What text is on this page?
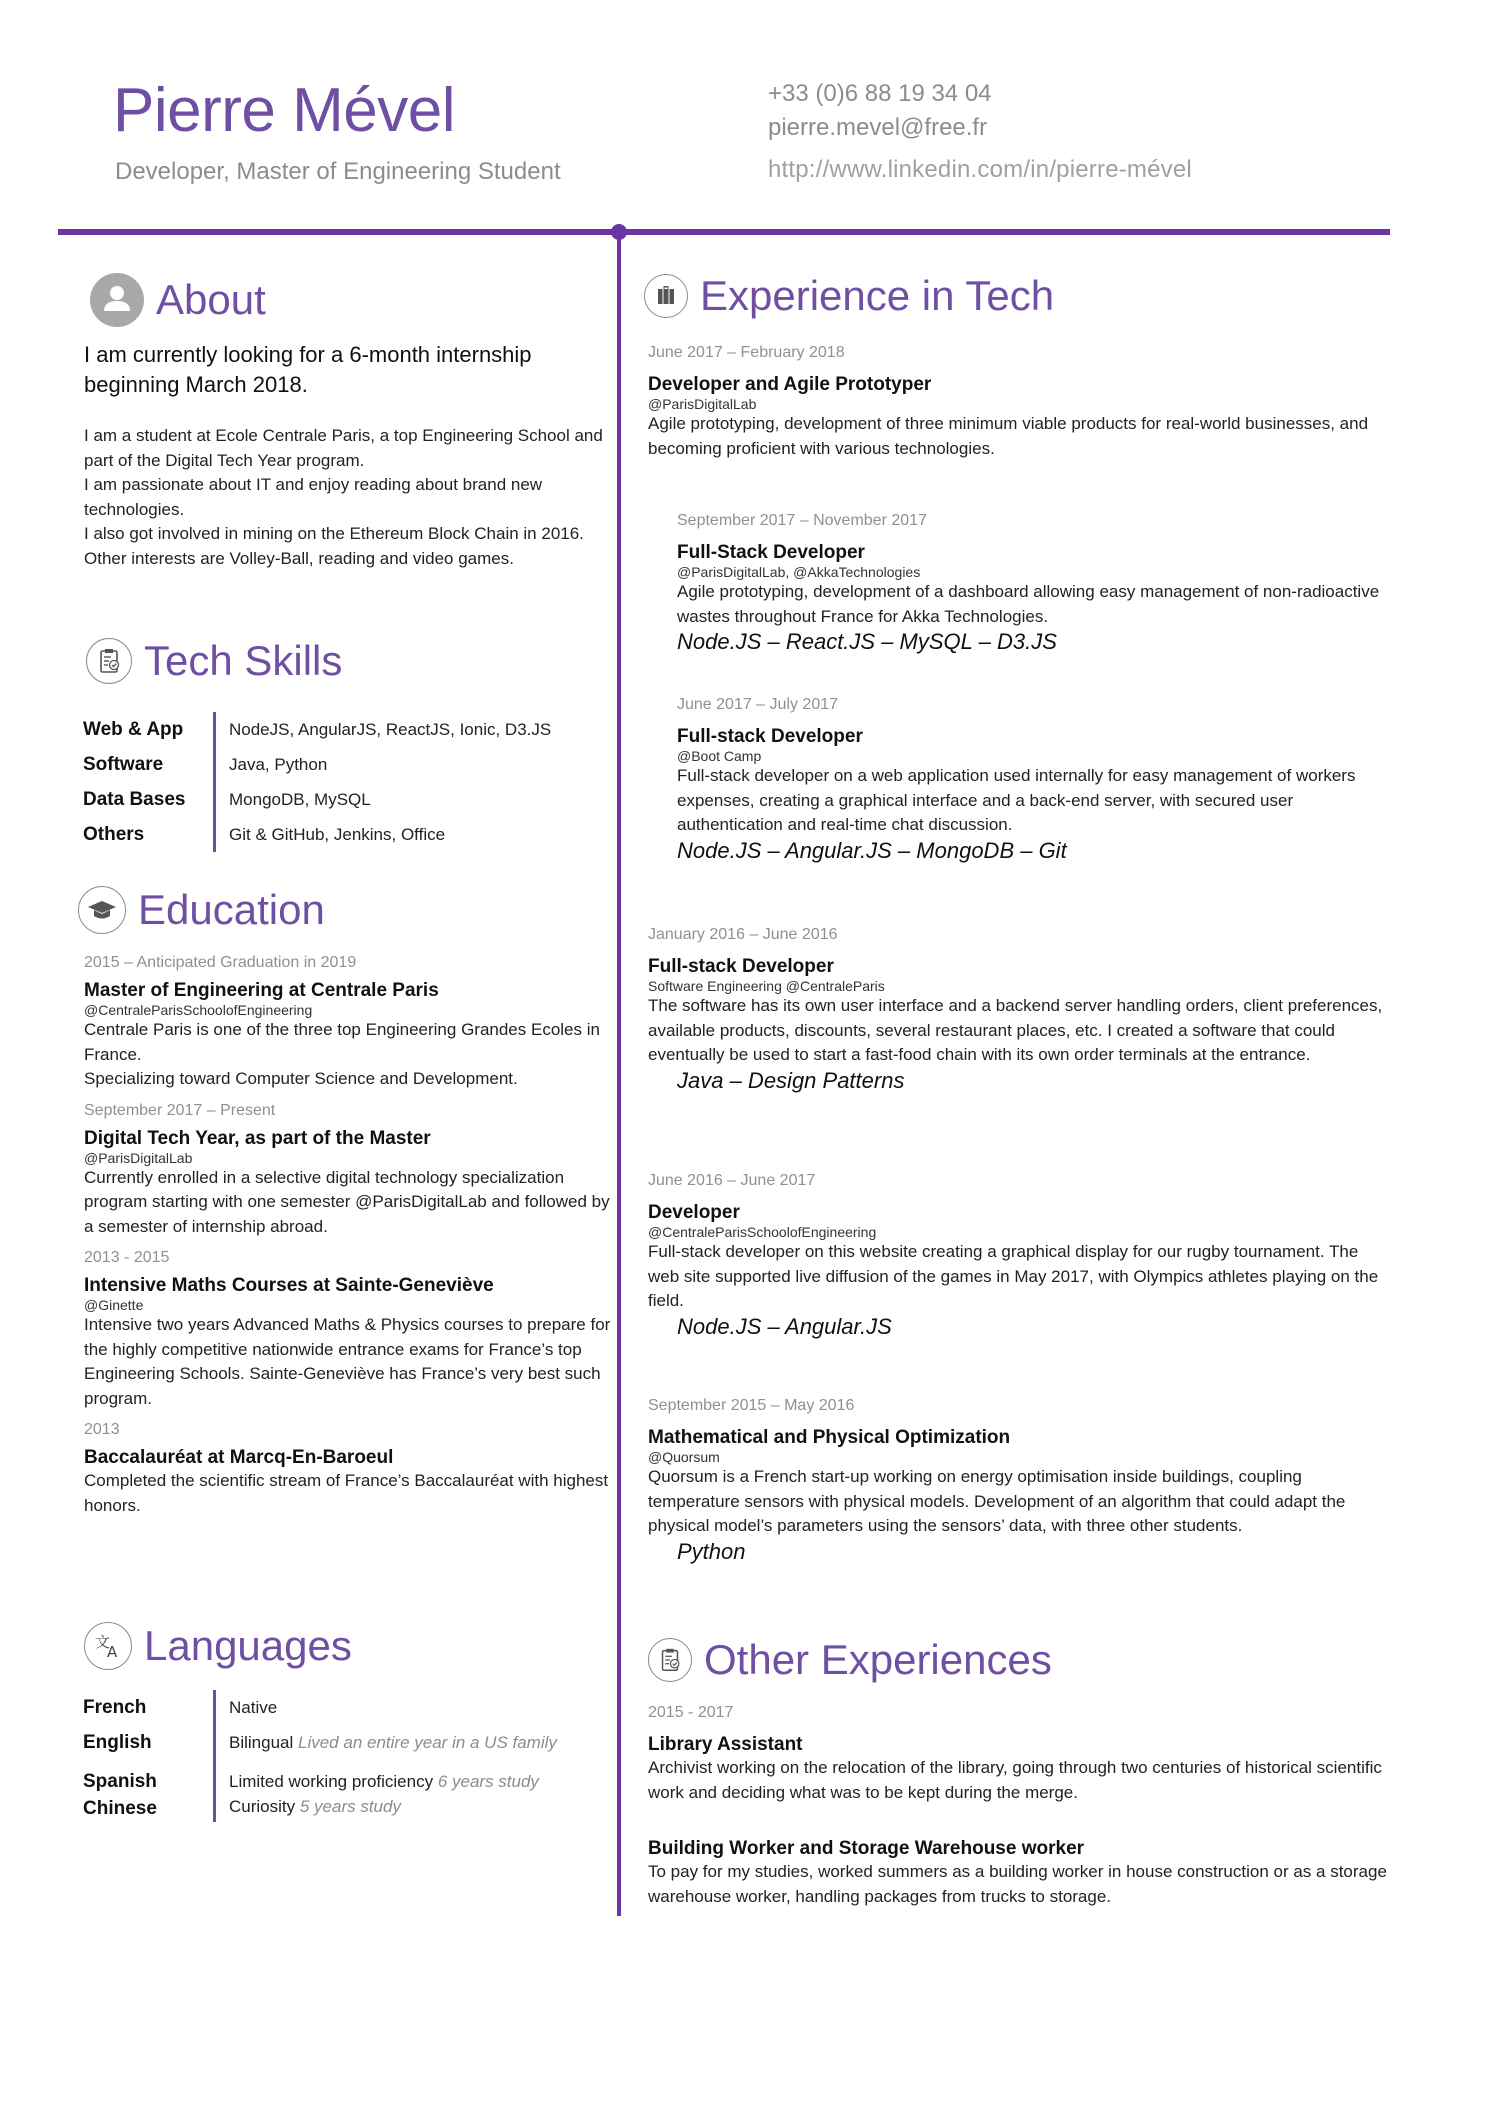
Pierre Mével
Developer, Master of Engineering Student
+33 (0)6 88 19 34 04
pierre.mevel@free.fr
http://www.linkedin.com/in/pierre-mével
About
I am currently looking for a 6-month internship beginning March 2018.
I am a student at Ecole Centrale Paris, a top Engineering School and part of the Digital Tech Year program.
I am passionate about IT and enjoy reading about brand new technologies.
I also got involved in mining on the Ethereum Block Chain in 2016.
Other interests are Volley-Ball, reading and video games.
Tech Skills
Web & App	NodeJS, AngularJS, ReactJS, Ionic, D3.JS
Software	Java, Python
Data Bases	MongoDB, MySQL
Others	Git & GitHub, Jenkins, Office
Education
2015 – Anticipated Graduation in 2019
Master of Engineering at Centrale Paris
@CentraleParisSchoolofEngineering
Centrale Paris is one of the three top Engineering Grandes Ecoles in France.
Specializing toward Computer Science and Development.
September 2017 – Present
Digital Tech Year, as part of the Master
@ParisDigitalLab
Currently enrolled in a selective digital technology specialization program starting with one semester @ParisDigitalLab and followed by a semester of internship abroad.
2013 - 2015
Intensive Maths Courses at Sainte-Geneviève
@Ginette
Intensive two years Advanced Maths & Physics courses to prepare for the highly competitive nationwide entrance exams for France’s top Engineering Schools. Sainte-Geneviève has France’s very best such program.
2013
Baccalauréat at Marcq-En-Baroeul
Completed the scientific stream of France’s Baccalauréat with highest honors.
文
A Languages
French	Native
English	Bilingual Lived an entire year in a US family
Spanish	Limited working proficiency 6 years study
Chinese	Curiosity 5 years study
Experience in Tech
June 2017 – February 2018
Developer and Agile Prototyper
@ParisDigitalLab
Agile prototyping, development of three minimum viable products for real-world businesses, and becoming proficient with various technologies.
September 2017 – November 2017
Full-Stack Developer
@ParisDigitalLab, @AkkaTechnologies
Agile prototyping, development of a dashboard allowing easy management of non-radioactive wastes throughout France for Akka Technologies.
Node.JS – React.JS – MySQL – D3.JS
June 2017 – July 2017
Full-stack Developer
@Boot Camp
Full-stack developer on a web application used internally for easy management of workers expenses, creating a graphical interface and a back-end server, with secured user authentication and real-time chat discussion.
Node.JS – Angular.JS – MongoDB – Git
January 2016 – June 2016
Full-stack Developer
Software Engineering @CentraleParis
The software has its own user interface and a backend server handling orders, client preferences, available products, discounts, several restaurant places, etc. I created a software that could eventually be used to start a fast-food chain with its own order terminals at the entrance.
Java – Design Patterns
June 2016 – June 2017
Developer
@CentraleParisSchoolofEngineering
Full-stack developer on this website creating a graphical display for our rugby tournament. The web site supported live diffusion of the games in May 2017, with Olympics athletes playing on the field.
Node.JS – Angular.JS
September 2015 – May 2016
Mathematical and Physical Optimization
@Quorsum
Quorsum is a French start-up working on energy optimisation inside buildings, coupling temperature sensors with physical models. Development of an algorithm that could adapt the physical model’s parameters using the sensors’ data, with three other students.
Python
Other Experiences
2015 - 2017
Library Assistant
Archivist working on the relocation of the library, going through two centuries of historical scientific work and deciding what was to be kept during the merge.
Building Worker and Storage Warehouse worker
To pay for my studies, worked summers as a building worker in house construction or as a storage warehouse worker, handling packages from trucks to storage.
